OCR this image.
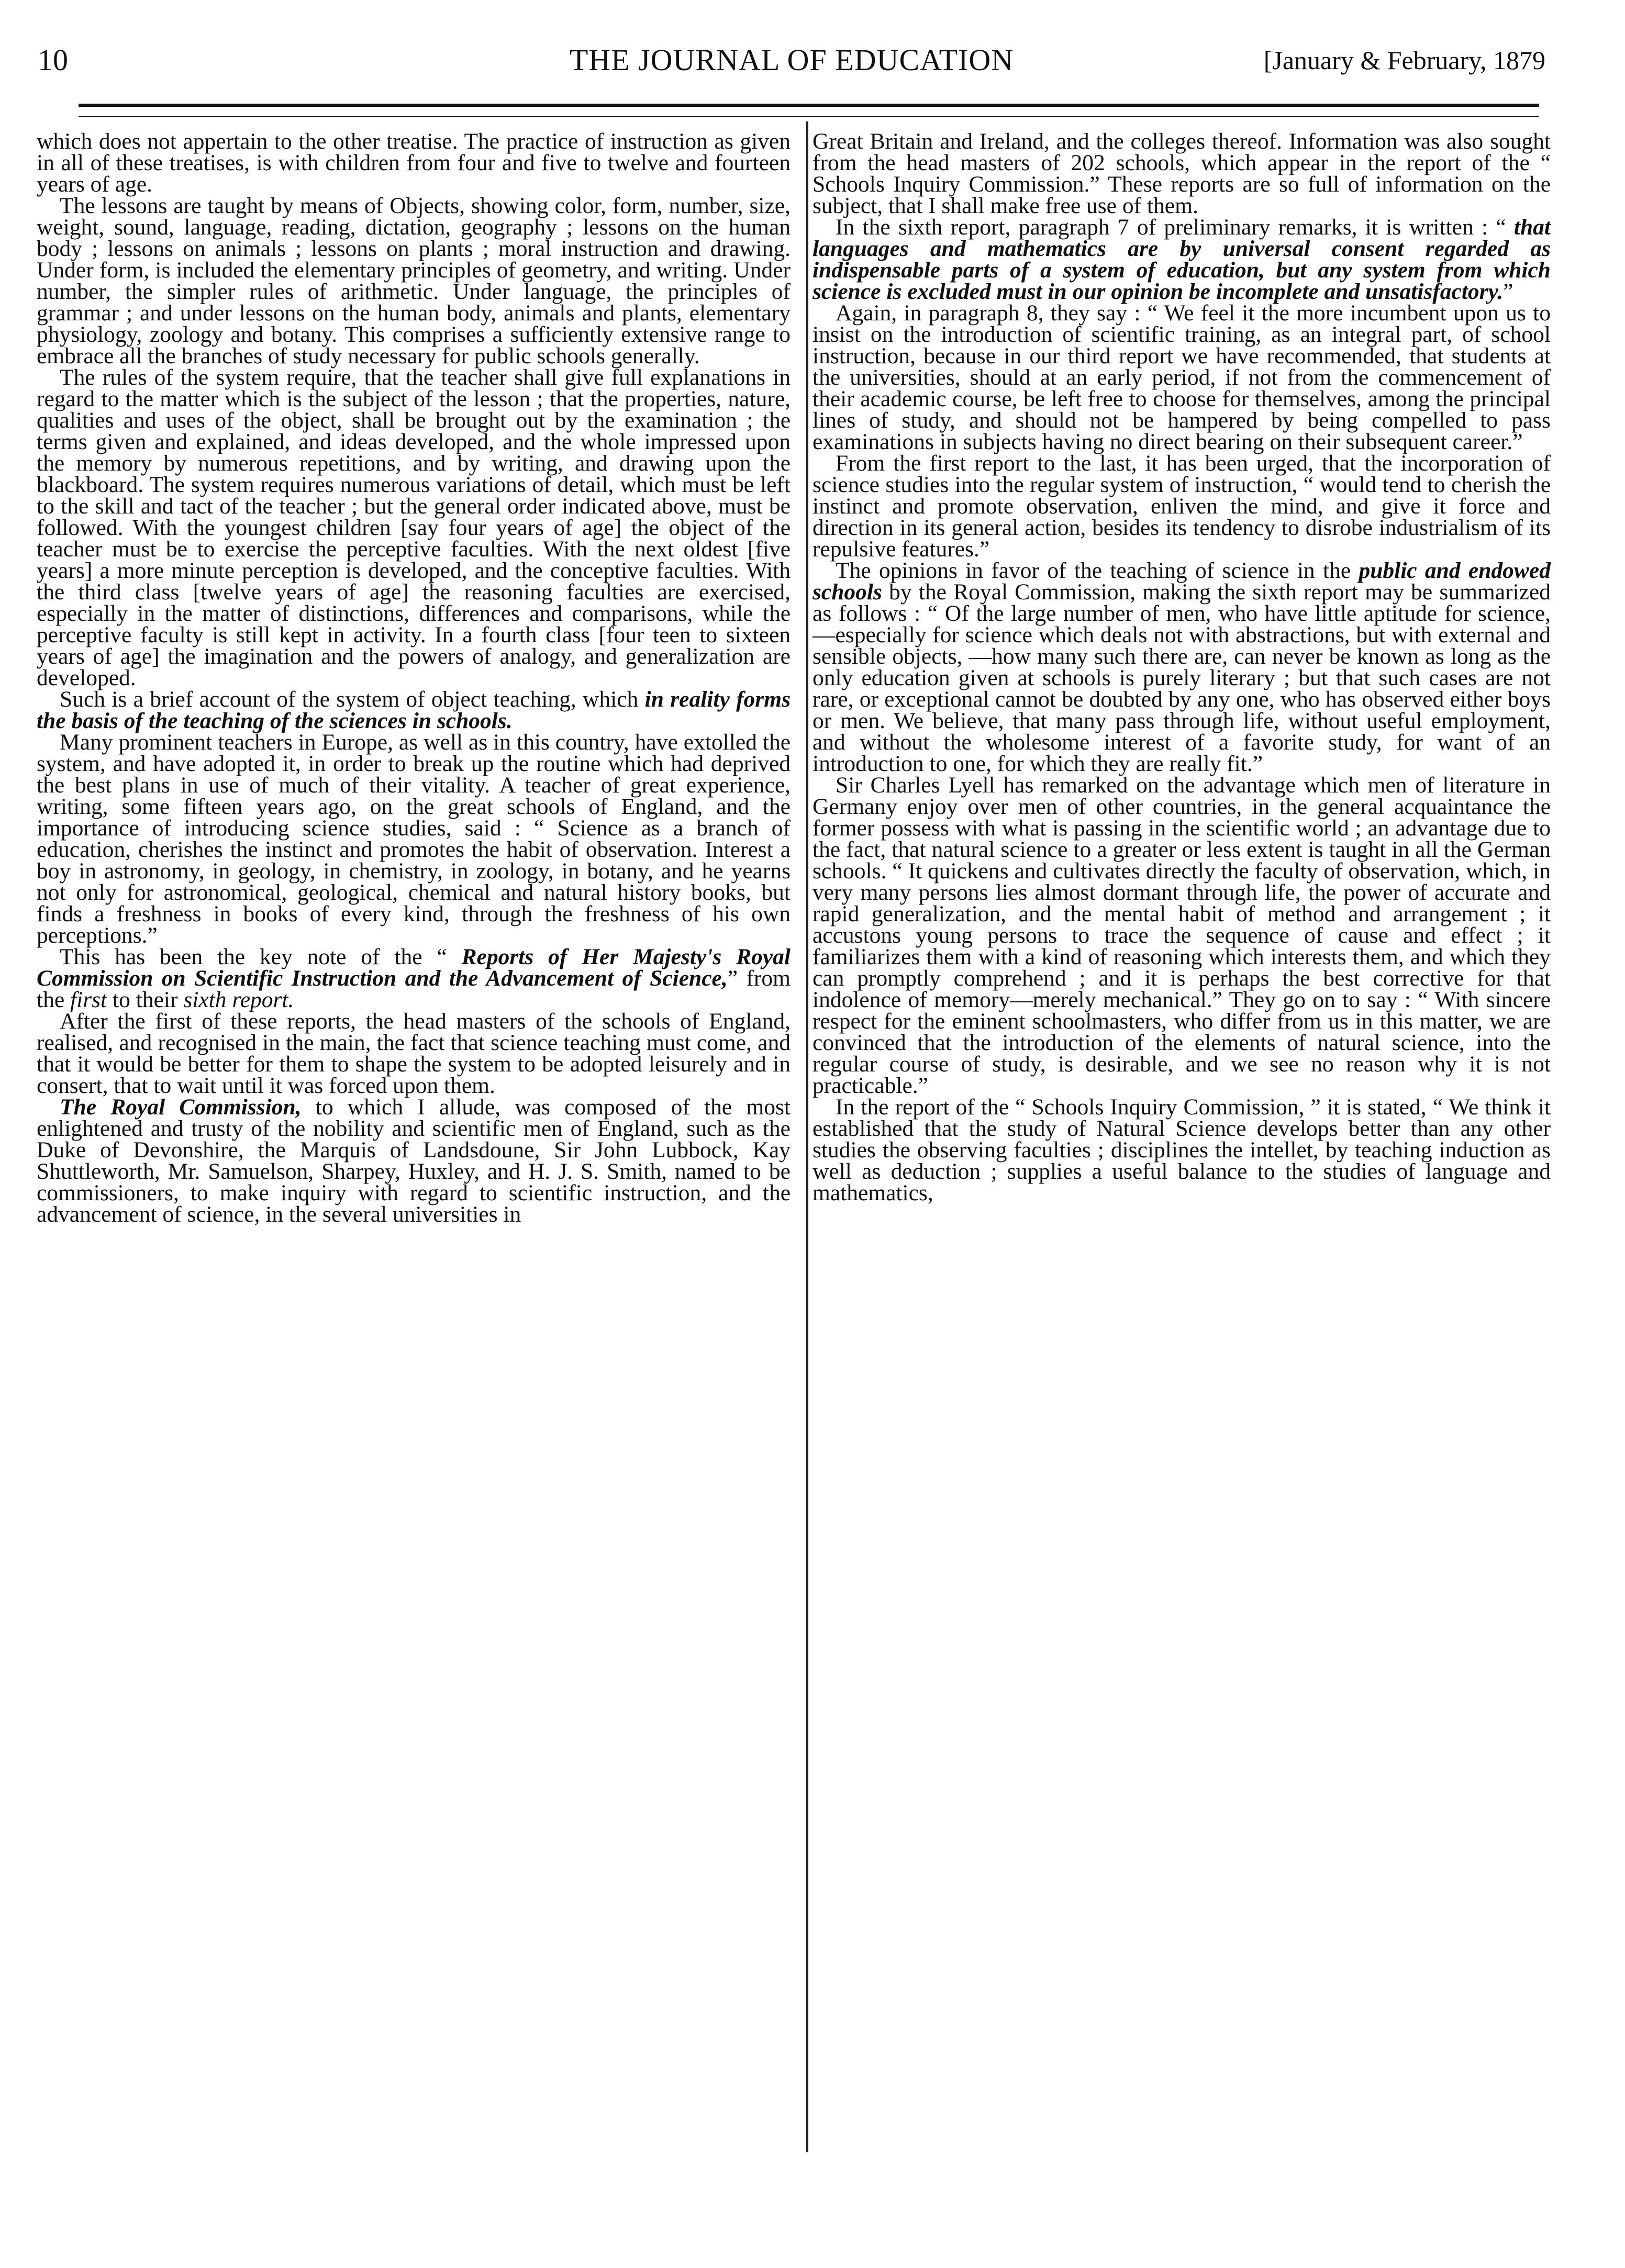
10	THE JOURNAL OF EDUCATION	[January & February, 1879

which does not appertain to the other treatise. The practice of instruction as given in all of these treatises, is with children from four and five to twelve and fourteen years of age.

The lessons are taught by means of Objects, showing color, form, number, size, weight, sound, language, reading, dictation, geography ; lessons on the human body ; lessons on animals ; lessons on plants ; moral instruction and drawing. Under form, is included the elementary principles of geometry, and writing. Under number, the simpler rules of arithmetic. Under language, the principles of grammar ; and under lessons on the human body, animals and plants, elementary physiology, zoology and botany. This comprises a sufficiently extensive range to embrace all the branches of study necessary for public schools generally.

The rules of the system require, that the teacher shall give full explanations in regard to the matter which is the subject of the lesson ; that the properties, nature, qualities and uses of the object, shall be brought out by the examination ; the terms given and explained, and ideas developed, and the whole impressed upon the memory by numerous repetitions, and by writing, and drawing upon the blackboard. The system requires numerous variations of detail, which must be left to the skill and tact of the teacher ; but the general order indicated above, must be followed. With the youngest children [say four years of age] the object of the teacher must be to exercise the perceptive faculties. With the next oldest [five years] a more minute perception is developed, and the conceptive faculties. With the third class [twelve years of age] the reasoning faculties are exercised, especially in the matter of distinctions, differences and comparisons, while the perceptive faculty is still kept in activity. In a fourth class [four teen to sixteen years of age] the imagination and the powers of analogy, and generalization are developed.

Such is a brief account of the system of object teaching, which in reality forms the basis of the teaching of the sciences in schools.

Many prominent teachers in Europe, as well as in this country, have extolled the system, and have adopted it, in order to break up the routine which had deprived the best plans in use of much of their vitality. A teacher of great experience, writing, some fifteen years ago, on the great schools of England, and the importance of introducing science studies, said : “ Science as a branch of education, cherishes the instinct and promotes the habit of observation. Interest a boy in astronomy, in geology, in chemistry, in zoology, in botany, and he yearns not only for astronomical, geological, chemical and natural history books, but finds a freshness in books of every kind, through the freshness of his own perceptions.”

This has been the key note of the “ Reports of Her Majesty's Royal Commission on Scientific Instruction and the Advancement of Science,” from the first to their sixth report.

After the first of these reports, the head masters of the schools of England, realised, and recognised in the main, the fact that science teaching must come, and that it would be better for them to shape the system to be adopted leisurely and in consert, that to wait until it was forced upon them.

The Royal Commission, to which I allude, was composed of the most enlightened and trusty of the nobility and scientific men of England, such as the Duke of Devonshire, the Marquis of Landsdoune, Sir John Lubbock, Kay Shuttleworth, Mr. Samuelson, Sharpey, Huxley, and H. J. S. Smith, named to be commissioners, to make inquiry with regard to scientific instruction, and the advancement of science, in the several universities in

Great Britain and Ireland, and the colleges thereof. Information was also sought from the head masters of 202 schools, which appear in the report of the “ Schools Inquiry Commission.” These reports are so full of information on the subject, that I shall make free use of them.

In the sixth report, paragraph 7 of preliminary remarks, it is written : “ that languages and mathematics are by universal consent regarded as indispensable parts of a system of education, but any system from which science is excluded must in our opinion be incomplete and unsatisfactory.”

Again, in paragraph 8, they say : “ We feel it the more incumbent upon us to insist on the introduction of scientific training, as an integral part, of school instruction, because in our third report we have recommended, that students at the universities, should at an early period, if not from the commencement of their academic course, be left free to choose for themselves, among the principal lines of study, and should not be hampered by being compelled to pass examinations in subjects having no direct bearing on their subsequent career.”

From the first report to the last, it has been urged, that the incorporation of science studies into the regular system of instruction, “ would tend to cherish the instinct and promote observation, enliven the mind, and give it force and direction in its general action, besides its tendency to disrobe industrialism of its repulsive features.”

The opinions in favor of the teaching of science in the public and endowed schools by the Royal Commission, making the sixth report may be summarized as follows : “ Of the large number of men, who have little aptitude for science,—especially for science which deals not with abstractions, but with external and sensible objects, —how many such there are, can never be known as long as the only education given at schools is purely literary ; but that such cases are not rare, or exceptional cannot be doubted by any one, who has observed either boys or men. We believe, that many pass through life, without useful employment, and without the wholesome interest of a favorite study, for want of an introduction to one, for which they are really fit.”

Sir Charles Lyell has remarked on the advantage which men of literature in Germany enjoy over men of other countries, in the general acquaintance the former possess with what is passing in the scientific world ; an advantage due to the fact, that natural science to a greater or less extent is taught in all the German schools. “ It quickens and cultivates directly the faculty of observation, which, in very many persons lies almost dormant through life, the power of accurate and rapid generalization, and the mental habit of method and arrangement ; it accustons young persons to trace the sequence of cause and effect ; it familiarizes them with a kind of reasoning which interests them, and which they can promptly comprehend ; and it is perhaps the best corrective for that indolence of memory—merely mechanical.” They go on to say : “ With sincere respect for the eminent schoolmasters, who differ from us in this matter, we are convinced that the introduction of the elements of natural science, into the regular course of study, is desirable, and we see no reason why it is not practicable.”

In the report of the “ Schools Inquiry Commission, ” it is stated, “ We think it established that the study of Natural Science develops better than any other studies the observing faculties ; disciplines the intellet, by teaching induction as well as deduction ; supplies a useful balance to the studies of language and mathematics,
